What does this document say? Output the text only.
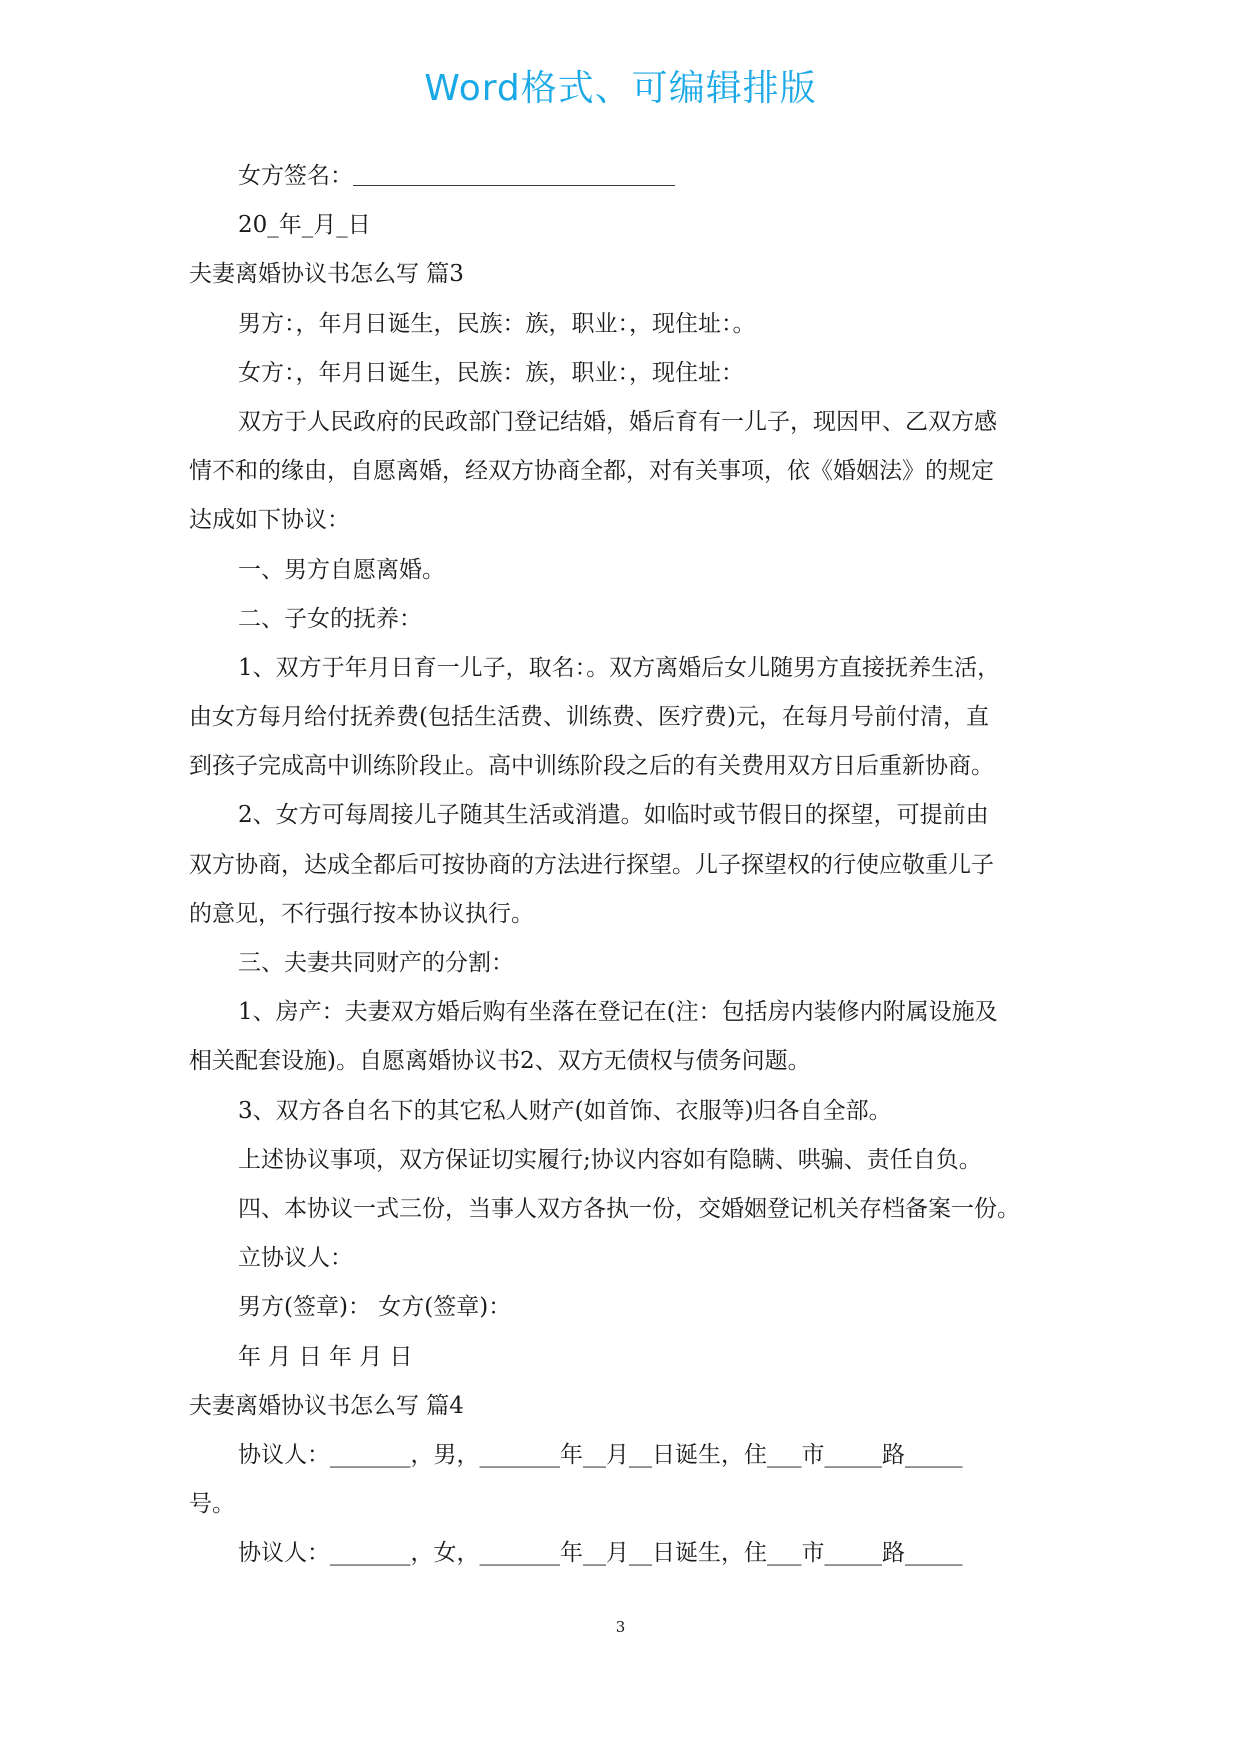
Word格式、可编辑排版
女方签名：＿＿＿＿＿＿＿＿＿＿＿＿＿＿
20_年_月_日
夫妻离婚协议书怎么写 篇3
男方：，年月日诞生，民族：族，职业：，现住址：。
女方：，年月日诞生，民族：族，职业：，现住址：
双方于人民政府的民政部门登记结婚，婚后育有一儿子，现因甲、乙双方感
情不和的缘由，自愿离婚，经双方协商全都，对有关事项，依《婚姻法》的规定
达成如下协议：
一、男方自愿离婚。
二、子女的抚养：
1、双方于年月日育一儿子，取名：。双方离婚后女儿随男方直接抚养生活，
由女方每月给付抚养费(包括生活费、训练费、医疗费)元，在每月号前付清，直
到孩子完成高中训练阶段止。高中训练阶段之后的有关费用双方日后重新协商。
2、女方可每周接儿子随其生活或消遣。如临时或节假日的探望，可提前由
双方协商，达成全都后可按协商的方法进行探望。儿子探望权的行使应敬重儿子
的意见，不行强行按本协议执行。
三、夫妻共同财产的分割：
1、房产：夫妻双方婚后购有坐落在登记在(注：包括房内装修内附属设施及
相关配套设施)。自愿离婚协议书2、双方无债权与债务问题。
3、双方各自名下的其它私人财产(如首饰、衣服等)归各自全部。
上述协议事项，双方保证切实履行;协议内容如有隐瞒、哄骗、责任自负。
四、本协议一式三份，当事人双方各执一份，交婚姻登记机关存档备案一份。
立协议人：
男方(签章)： 女方(签章)：
年 月 日 年 月 日
夫妻离婚协议书怎么写 篇4
协议人：_______，男，_______年__月__日诞生，住___市_____路_____
号。
协议人：_______，女，_______年__月__日诞生，住___市_____路_____
3
